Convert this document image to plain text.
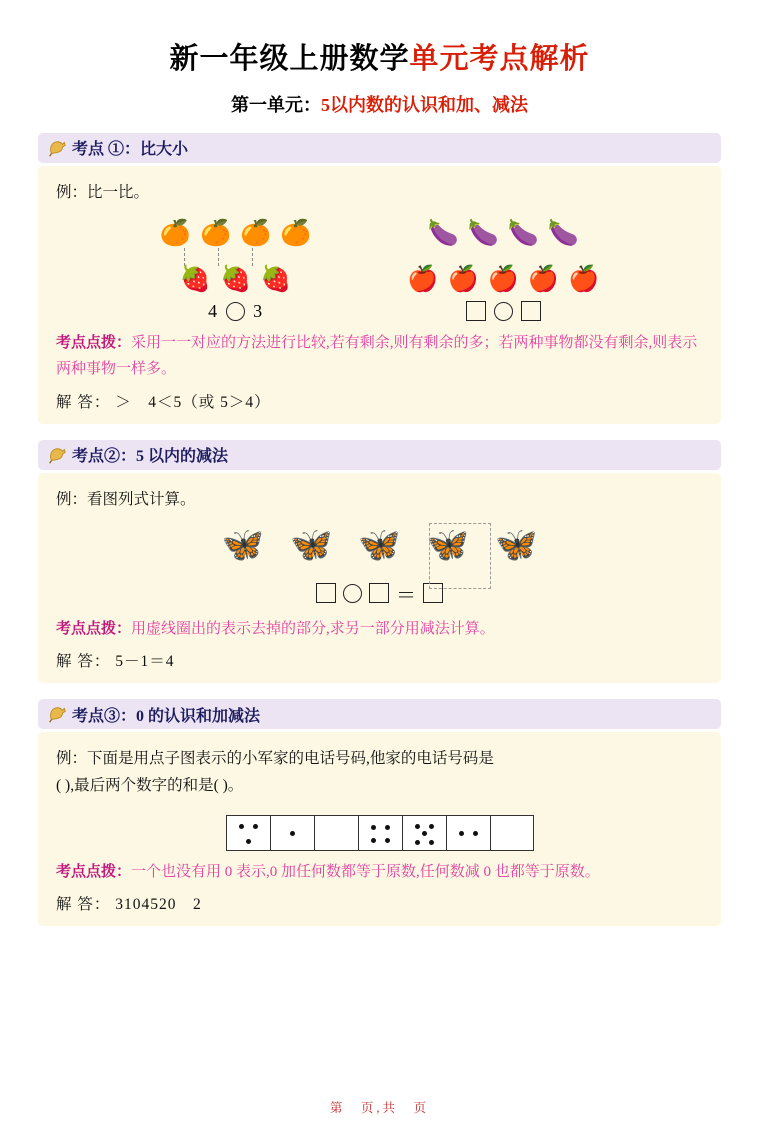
新一年级上册数学单元考点解析
第一单元：5以内数的认识和加、减法
考点 ①：比大小
例：比一比。
🍊 🍊 🍊 🍊
🍓 🍓 🍓
4 3
🍆 🍆 🍆 🍆
🍎 🍎 🍎 🍎 🍎
考点点拨：采用一一对应的方法进行比较,若有剩余,则有剩余的多；若两种事物都没有剩余,则表示两种事物一样多。
解 答： ＞　4＜5（或 5＞4）
考点②：5 以内的减法
例：看图列式计算。
🦋 🦋 🦋 🦋 🦋
＝
考点点拨：用虚线圈出的表示去掉的部分,求另一部分用减法计算。
解 答： 5－1＝4
考点③：0 的认识和加减法
例：下面是用点子图表示的小军家的电话号码,他家的电话号码是
( ),最后两个数字的和是( )。
考点点拨：一个也没有用 0 表示,0 加任何数都等于原数,任何数减 0 也都等于原数。
解 答： 3104520　2
第　页,共　页
